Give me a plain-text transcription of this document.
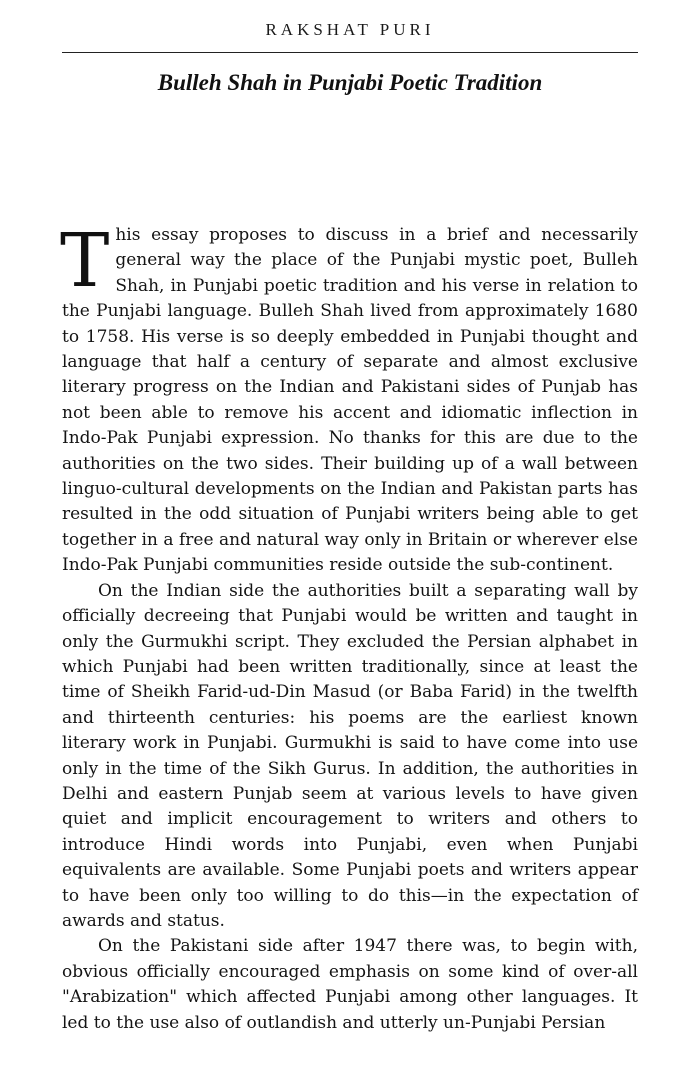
RAKSHAT PURI
Bulleh Shah in Punjabi Poetic Tradition

This essay proposes to discuss in a brief and necessarily general way the place of the Punjabi mystic poet, Bulleh Shah, in Punjabi poetic tradition and his verse in relation to the Punjabi language. Bulleh Shah lived from approximately 1680 to 1758. His verse is so deeply embedded in Punjabi thought and language that half a century of separate and almost exclusive literary progress on the Indian and Pakistani sides of Punjab has not been able to remove his accent and idiomatic inflection in Indo-Pak Punjabi expression. No thanks for this are due to the authorities on the two sides. Their building up of a wall between linguo-cultural developments on the Indian and Pakistan parts has resulted in the odd situation of Punjabi writers being able to get together in a free and natural way only in Britain or wherever else Indo-Pak Punjabi communities reside outside the sub-continent.

On the Indian side the authorities built a separating wall by officially decreeing that Punjabi would be written and taught in only the Gurmukhi script. They excluded the Persian alphabet in which Punjabi had been written traditionally, since at least the time of Sheikh Farid-ud-Din Masud (or Baba Farid) in the twelfth and thirteenth centuries: his poems are the earliest known literary work in Punjabi. Gurmukhi is said to have come into use only in the time of the Sikh Gurus. In addition, the authorities in Delhi and eastern Punjab seem at various levels to have given quiet and implicit encouragement to writers and others to introduce Hindi words into Punjabi, even when Punjabi equivalents are available. Some Punjabi poets and writers appear to have been only too willing to do this—in the expectation of awards and status.

On the Pakistani side after 1947 there was, to begin with, obvious officially encouraged emphasis on some kind of over-all "Arabization" which affected Punjabi among other languages. It led to the use also of outlandish and utterly un-Punjabi Persian
